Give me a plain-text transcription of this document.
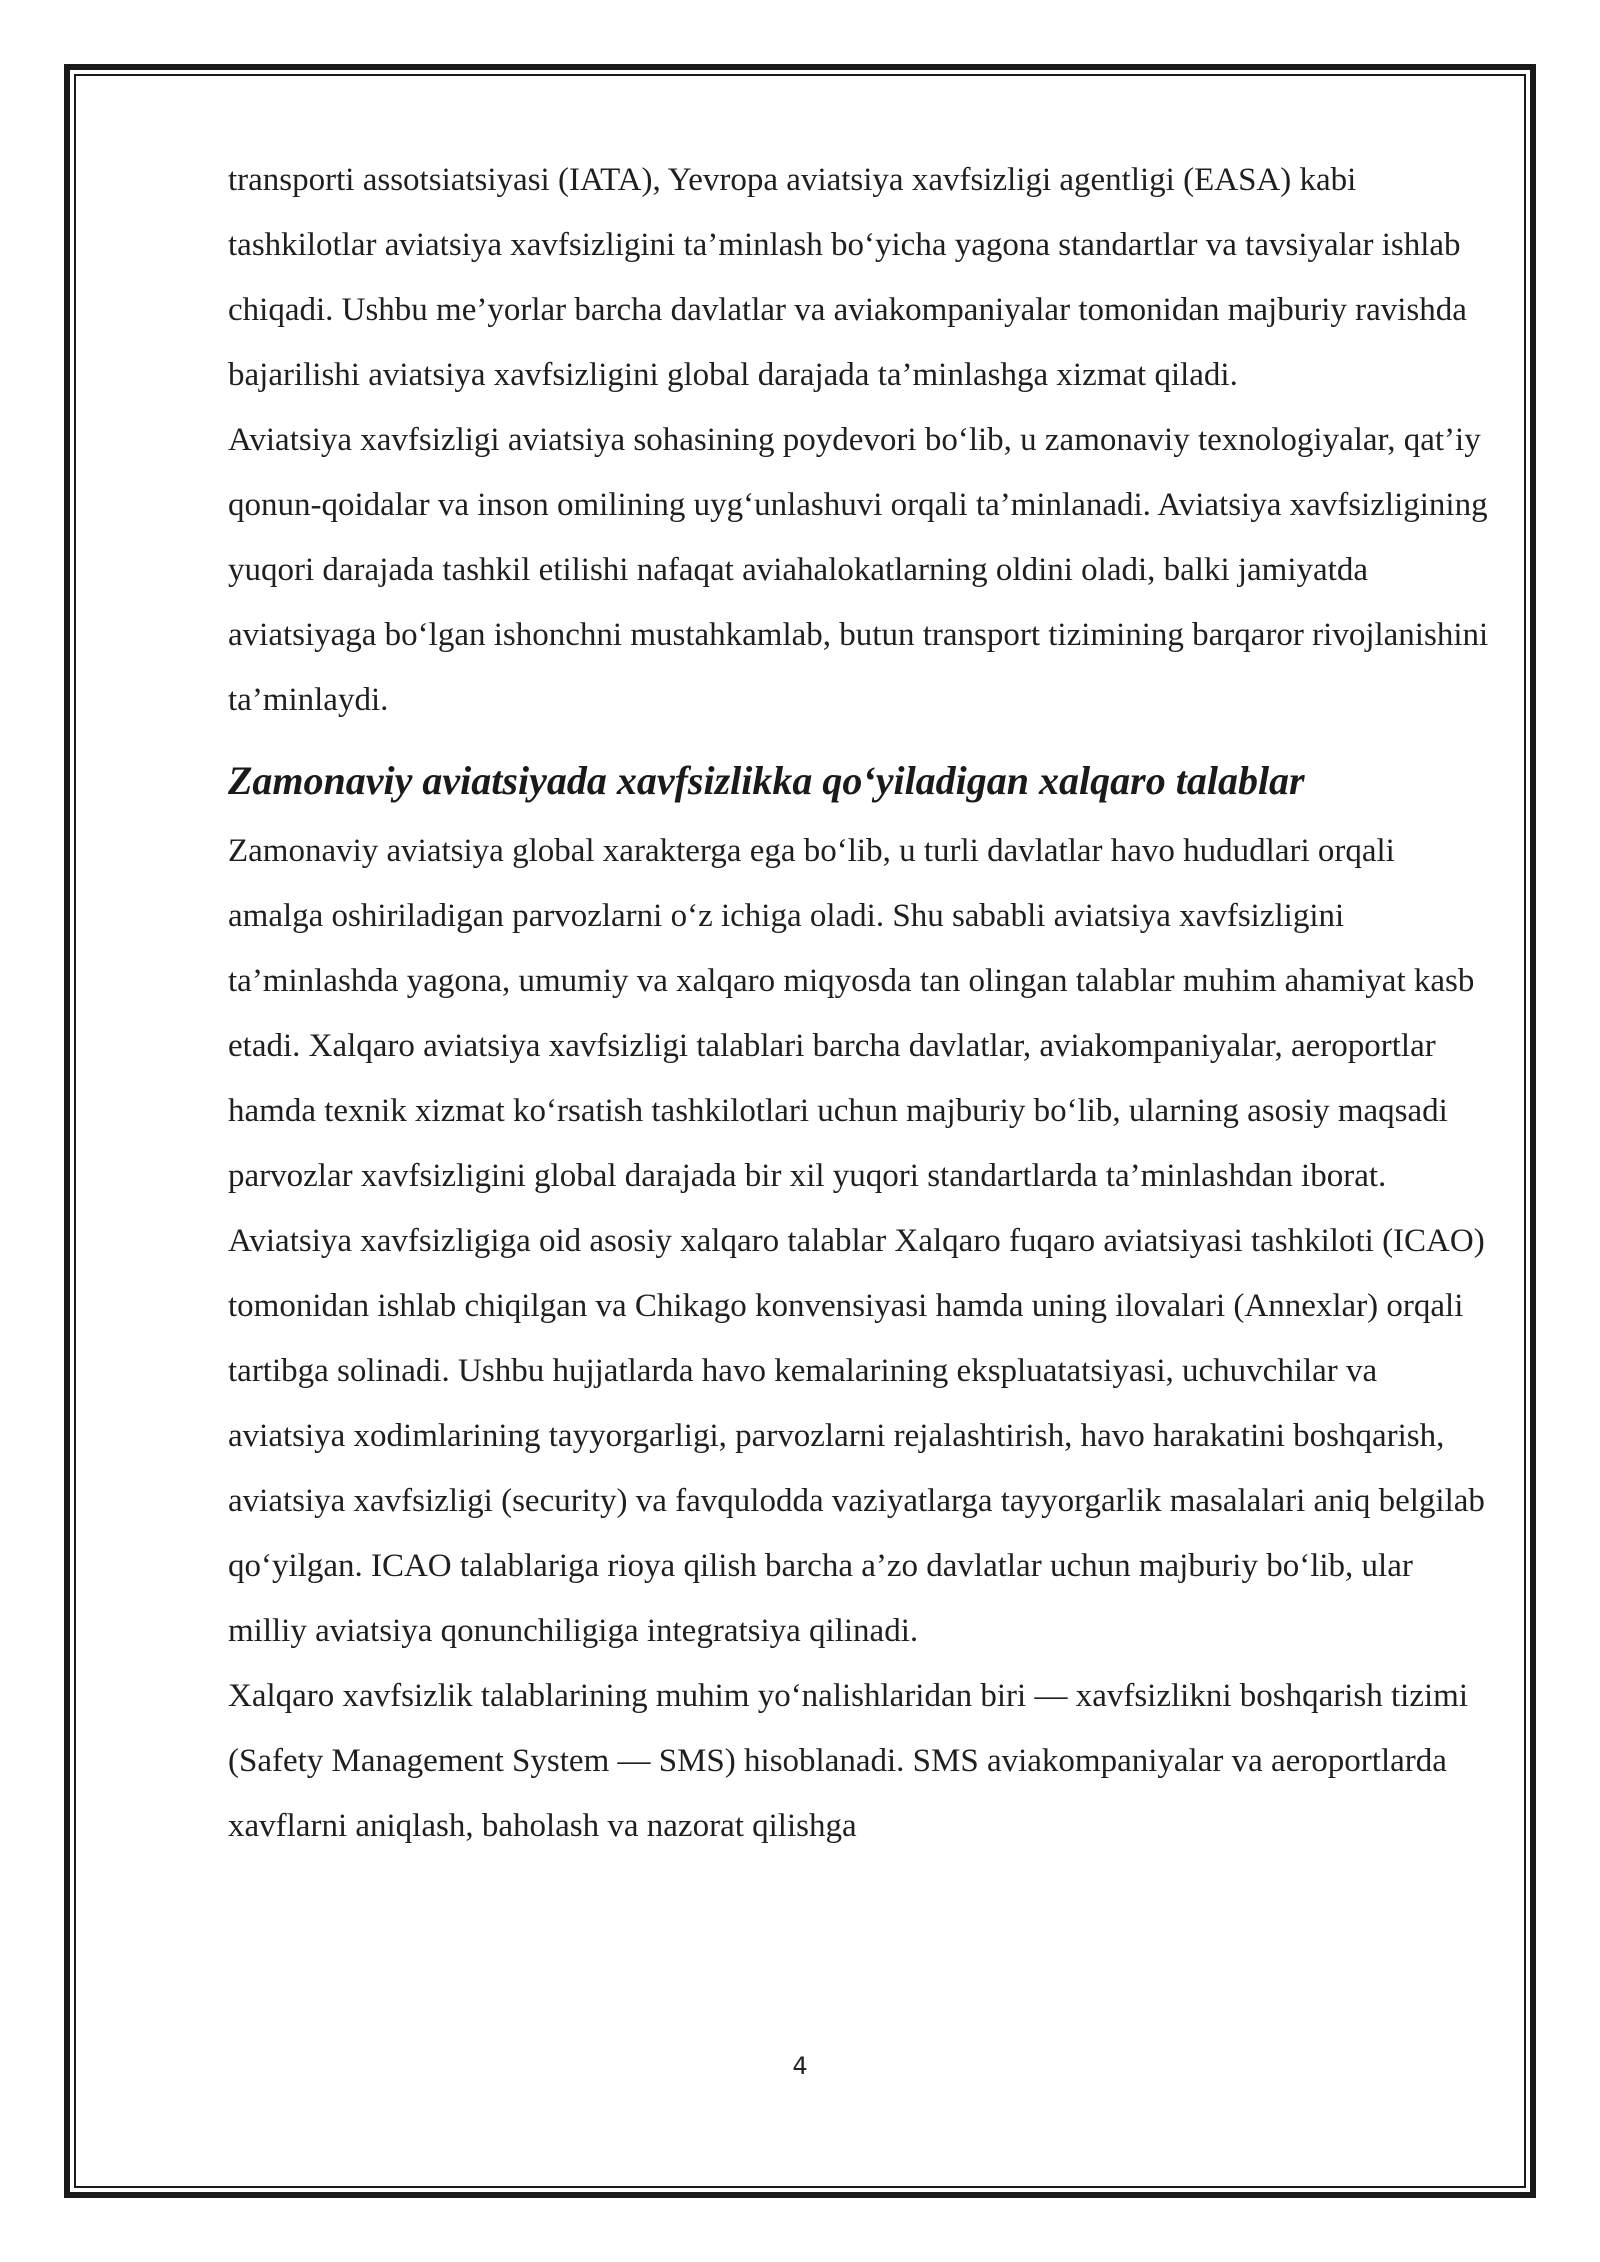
transporti assotsiatsiyasi (IATA), Yevropa aviatsiya xavfsizligi agentligi (EASA) kabi tashkilotlar aviatsiya xavfsizligini ta’minlash bo‘yicha yagona standartlar va tavsiyalar ishlab chiqadi. Ushbu me’yorlar barcha davlatlar va aviakompaniyalar tomonidan majburiy ravishda bajarilishi aviatsiya xavfsizligini global darajada ta’minlashga xizmat qiladi.

Aviatsiya xavfsizligi aviatsiya sohasining poydevori bo‘lib, u zamonaviy texnologiyalar, qat’iy qonun-qoidalar va inson omilining uyg‘unlashuvi orqali ta’minlanadi. Aviatsiya xavfsizligining yuqori darajada tashkil etilishi nafaqat aviahalokatlarning oldini oladi, balki jamiyatda aviatsiyaga bo‘lgan ishonchni mustahkamlab, butun transport tizimining barqaror rivojlanishini ta’minlaydi.

Zamonaviy aviatsiyada xavfsizlikka qo‘yiladigan xalqaro talablar

Zamonaviy aviatsiya global xarakterga ega bo‘lib, u turli davlatlar havo hududlari orqali amalga oshiriladigan parvozlarni o‘z ichiga oladi. Shu sababli aviatsiya xavfsizligini ta’minlashda yagona, umumiy va xalqaro miqyosda tan olingan talablar muhim ahamiyat kasb etadi. Xalqaro aviatsiya xavfsizligi talablari barcha davlatlar, aviakompaniyalar, aeroportlar hamda texnik xizmat ko‘rsatish tashkilotlari uchun majburiy bo‘lib, ularning asosiy maqsadi parvozlar xavfsizligini global darajada bir xil yuqori standartlarda ta’minlashdan iborat.

Aviatsiya xavfsizligiga oid asosiy xalqaro talablar Xalqaro fuqaro aviatsiyasi tashkiloti (ICAO) tomonidan ishlab chiqilgan va Chikago konvensiyasi hamda uning ilovalari (Annexlar) orqali tartibga solinadi. Ushbu hujjatlarda havo kemalarining ekspluatatsiyasi, uchuvchilar va aviatsiya xodimlarining tayyorgarligi, parvozlarni rejalashtirish, havo harakatini boshqarish, aviatsiya xavfsizligi (security) va favqulodda vaziyatlarga tayyorgarlik masalalari aniq belgilab qo‘yilgan. ICAO talablariga rioya qilish barcha a’zo davlatlar uchun majburiy bo‘lib, ular milliy aviatsiya qonunchiligiga integratsiya qilinadi.

Xalqaro xavfsizlik talablarining muhim yo‘nalishlaridan biri — xavfsizlikni boshqarish tizimi (Safety Management System — SMS) hisoblanadi. SMS aviakompaniyalar va aeroportlarda xavflarni aniqlash, baholash va nazorat qilishga

4
